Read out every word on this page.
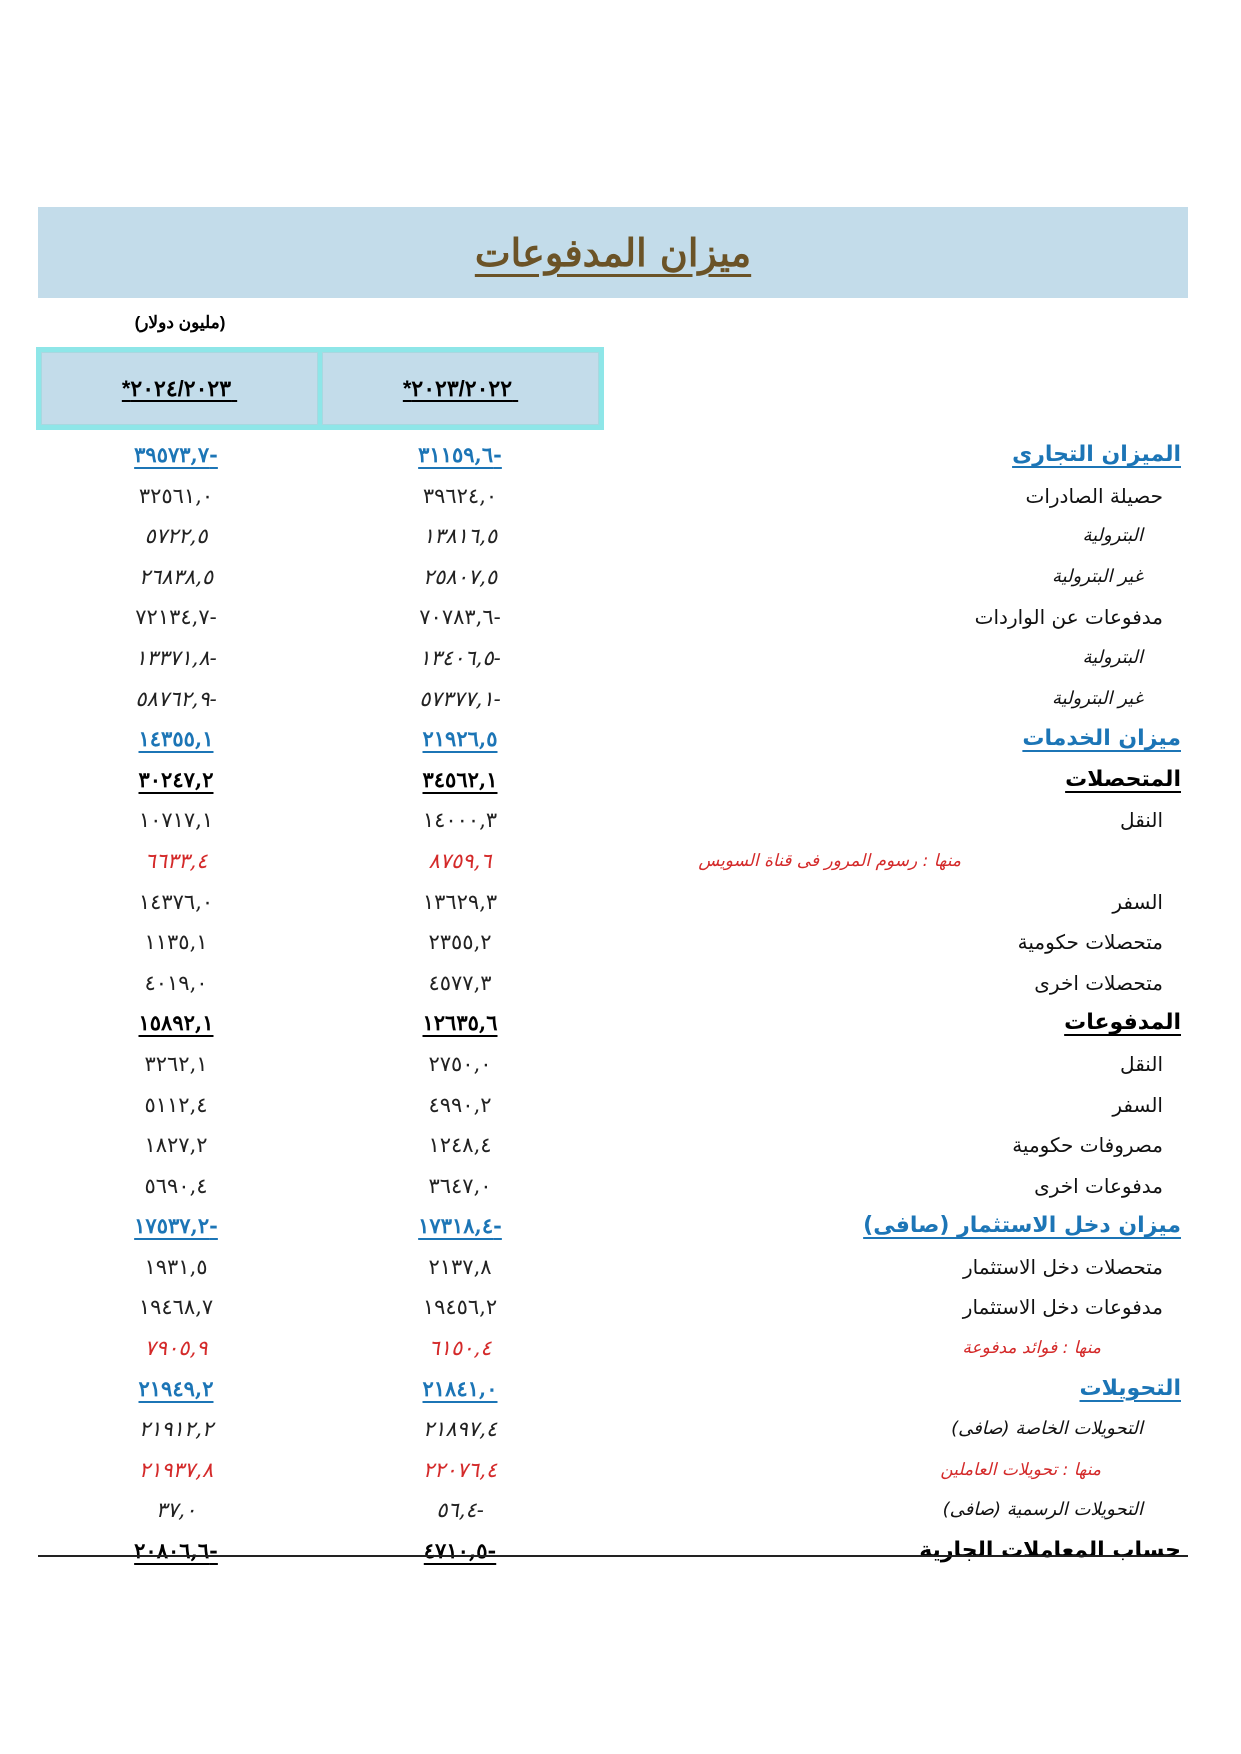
ميزان المدفوعات
(مليون دولار)
*٢٠٢٤/٢٠٢٣	*٢٠٢٣/٢٠٢٢
الميزان التجارى
٣١١٥٩,٦-
٣٩٥٧٣,٧-
حصيلة الصادرات
٣٩٦٢٤,٠
٣٢٥٦١,٠
البترولية
١٣٨١٦,٥
٥٧٢٢,٥
غير البترولية
٢٥٨٠٧,٥
٢٦٨٣٨,٥
مدفوعات عن الواردات
٧٠٧٨٣,٦-
٧٢١٣٤,٧-
البترولية
١٣٤٠٦,٥-
١٣٣٧١,٨-
غير البترولية
٥٧٣٧٧,١-
٥٨٧٦٢,٩-
ميزان الخدمات
٢١٩٢٦,٥
١٤٣٥٥,١
المتحصلات
٣٤٥٦٢,١
٣٠٢٤٧,٢
النقل
١٤٠٠٠,٣
١٠٧١٧,١
منها : رسوم المرور فى قناة السويس
٨٧٥٩,٦
٦٦٣٣,٤
السفر
١٣٦٢٩,٣
١٤٣٧٦,٠
متحصلات حكومية
٢٣٥٥,٢
١١٣٥,١
متحصلات اخرى
٤٥٧٧,٣
٤٠١٩,٠
المدفوعات
١٢٦٣٥,٦
١٥٨٩٢,١
النقل
٢٧٥٠,٠
٣٢٦٢,١
السفر
٤٩٩٠,٢
٥١١٢,٤
مصروفات حكومية
١٢٤٨,٤
١٨٢٧,٢
مدفوعات اخرى
٣٦٤٧,٠
٥٦٩٠,٤
ميزان دخل الاستثمار (صافى)
١٧٣١٨,٤-
١٧٥٣٧,٢-
متحصلات دخل الاستثمار
٢١٣٧,٨
١٩٣١,٥
مدفوعات دخل الاستثمار
١٩٤٥٦,٢
١٩٤٦٨,٧
منها : فوائد مدفوعة
٦١٥٠,٤
٧٩٠٥,٩
التحويلات
٢١٨٤١,٠
٢١٩٤٩,٢
التحويلات الخاصة (صافى)
٢١٨٩٧,٤
٢١٩١٢,٢
منها : تحويلات العاملين
٢٢٠٧٦,٤
٢١٩٣٧,٨
التحويلات الرسمية (صافى)
٥٦,٤-
٣٧,٠
حساب المعاملات الجارية
٤٧١٠,٥-
٢٠٨٠٦,٦-
